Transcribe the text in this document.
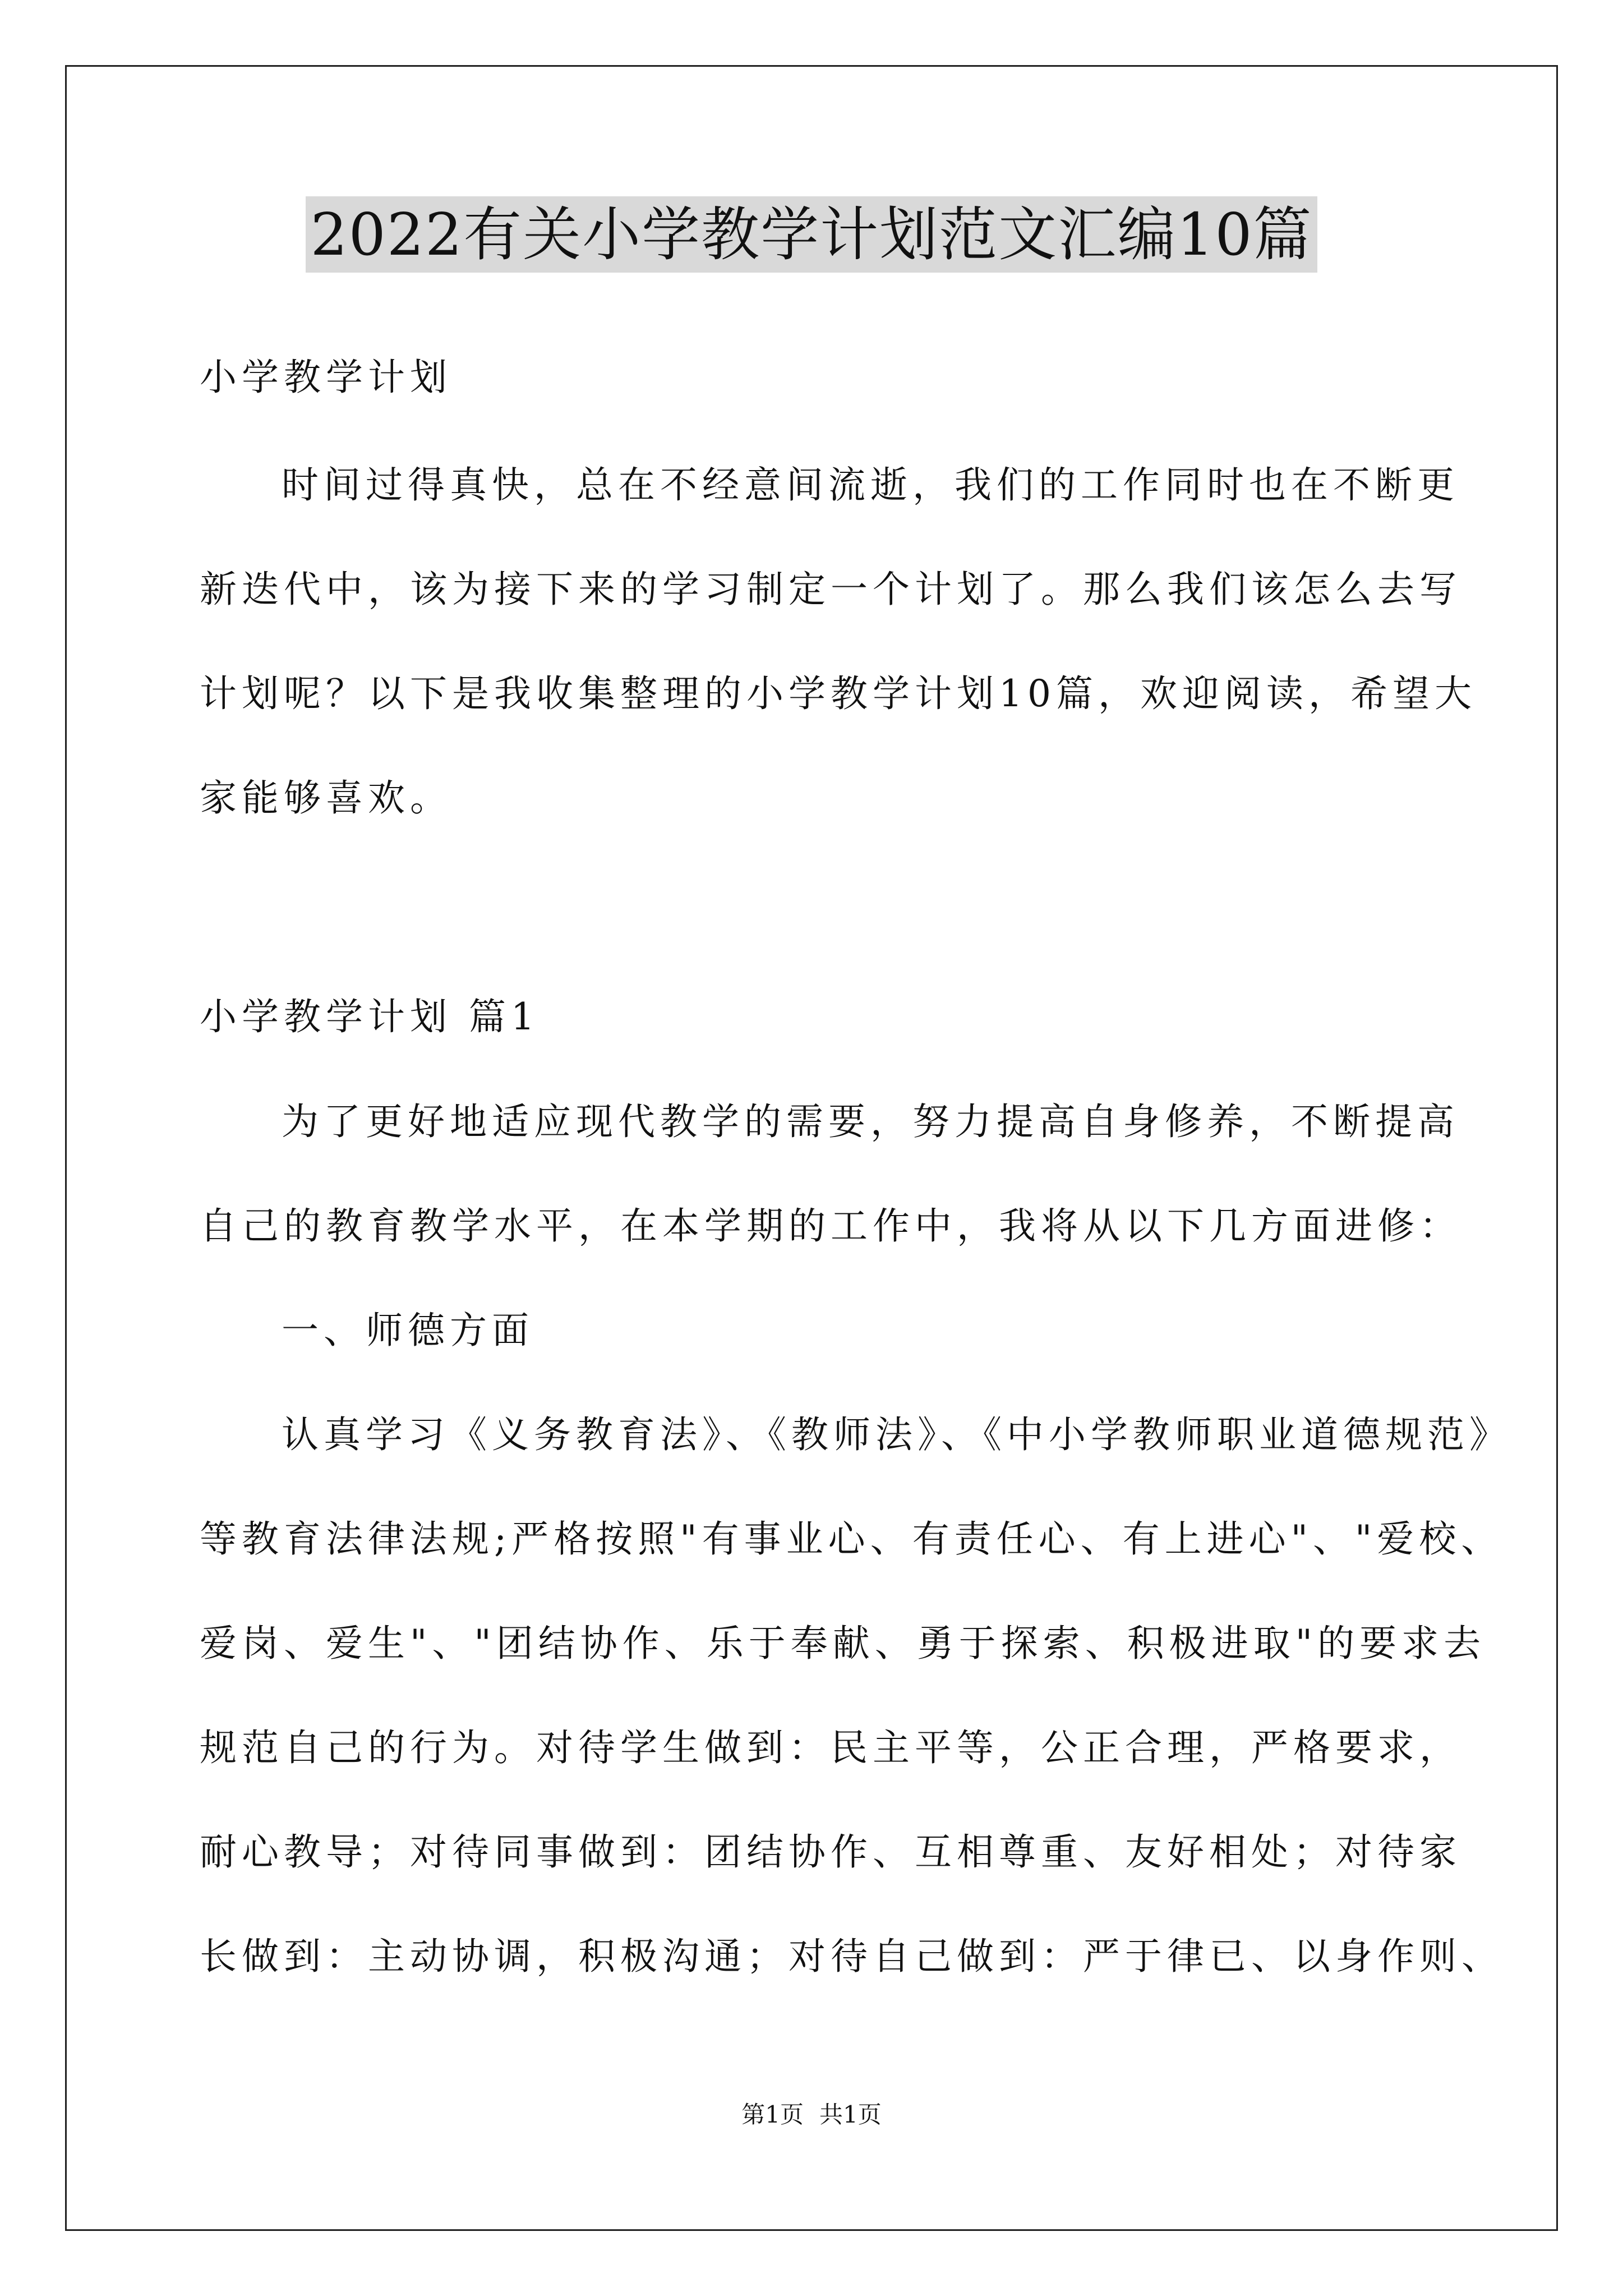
2022有关小学教学计划范文汇编10篇
小学教学计划
时间过得真快，总在不经意间流逝，我们的工作同时也在不断更
新迭代中，该为接下来的学习制定一个计划了。那么我们该怎么去写
计划呢？以下是我收集整理的小学教学计划10篇，欢迎阅读，希望大
家能够喜欢。
小学教学计划 篇1
为了更好地适应现代教学的需要，努力提高自身修养，不断提高
自己的教育教学水平，在本学期的工作中，我将从以下几方面进修：
一、师德方面
认真学习《义务教育法》、《教师法》、《中小学教师职业道德规范》
等教育法律法规;严格按照"有事业心、有责任心、有上进心"、"爱校、
爱岗、爱生"、"团结协作、乐于奉献、勇于探索、积极进取"的要求去
规范自己的行为。对待学生做到：民主平等，公正合理，严格要求，
耐心教导；对待同事做到：团结协作、互相尊重、友好相处；对待家
长做到：主动协调，积极沟通；对待自己做到：严于律已、以身作则、
第1页 共1页
